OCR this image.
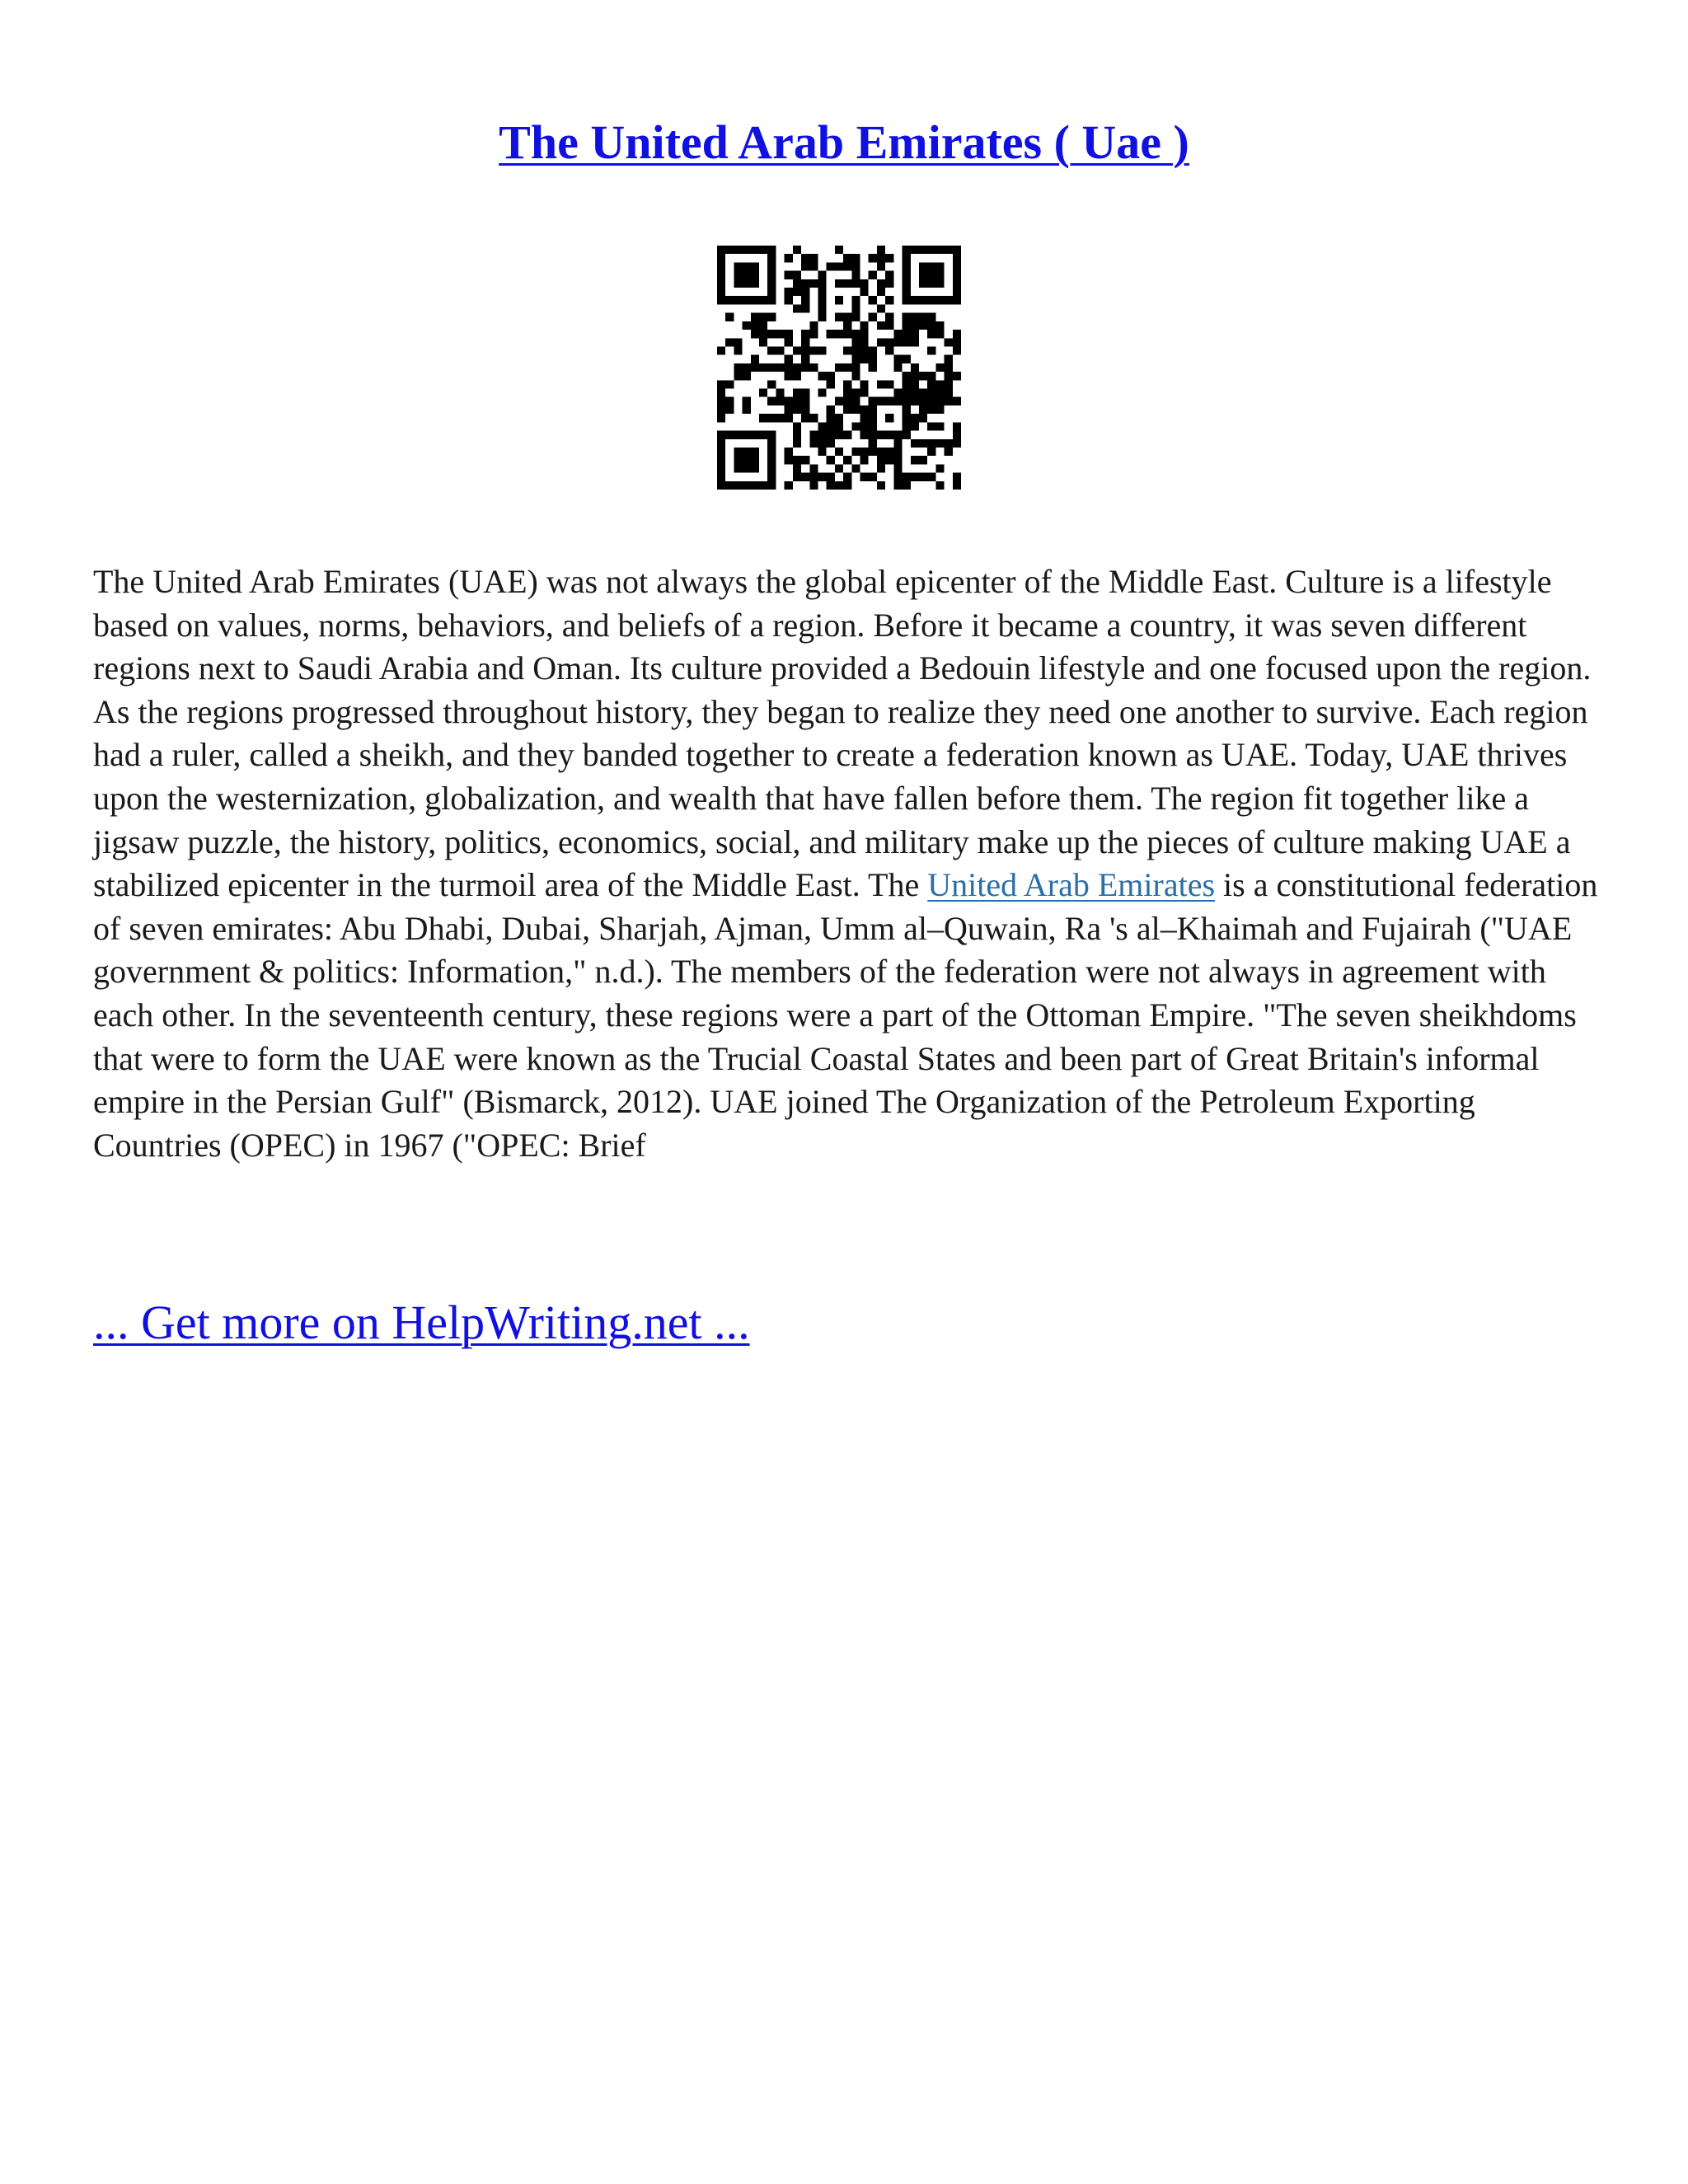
The United Arab Emirates ( Uae )

The United Arab Emirates (UAE) was not always the global epicenter of the Middle East. Culture is a lifestyle based on values, norms, behaviors, and beliefs of a region. Before it became a country, it was seven different regions next to Saudi Arabia and Oman. Its culture provided a Bedouin lifestyle and one focused upon the region. As the regions progressed throughout history, they began to realize they need one another to survive. Each region had a ruler, called a sheikh, and they banded together to create a federation known as UAE. Today, UAE thrives upon the westernization, globalization, and wealth that have fallen before them. The region fit together like a jigsaw puzzle, the history, politics, economics, social, and military make up the pieces of culture making UAE a stabilized epicenter in the turmoil area of the Middle East. The United Arab Emirates is a constitutional federation of seven emirates: Abu Dhabi, Dubai, Sharjah, Ajman, Umm al–Quwain, Ra 's al–Khaimah and Fujairah ("UAE government & politics: Information," n.d.). The members of the federation were not always in agreement with each other. In the seventeenth century, these regions were a part of the Ottoman Empire. "The seven sheikhdoms that were to form the UAE were known as the Trucial Coastal States and been part of Great Britain's informal empire in the Persian Gulf" (Bismarck, 2012). UAE joined The Organization of the Petroleum Exporting Countries (OPEC) in 1967 ("OPEC: Brief

... Get more on HelpWriting.net ...
